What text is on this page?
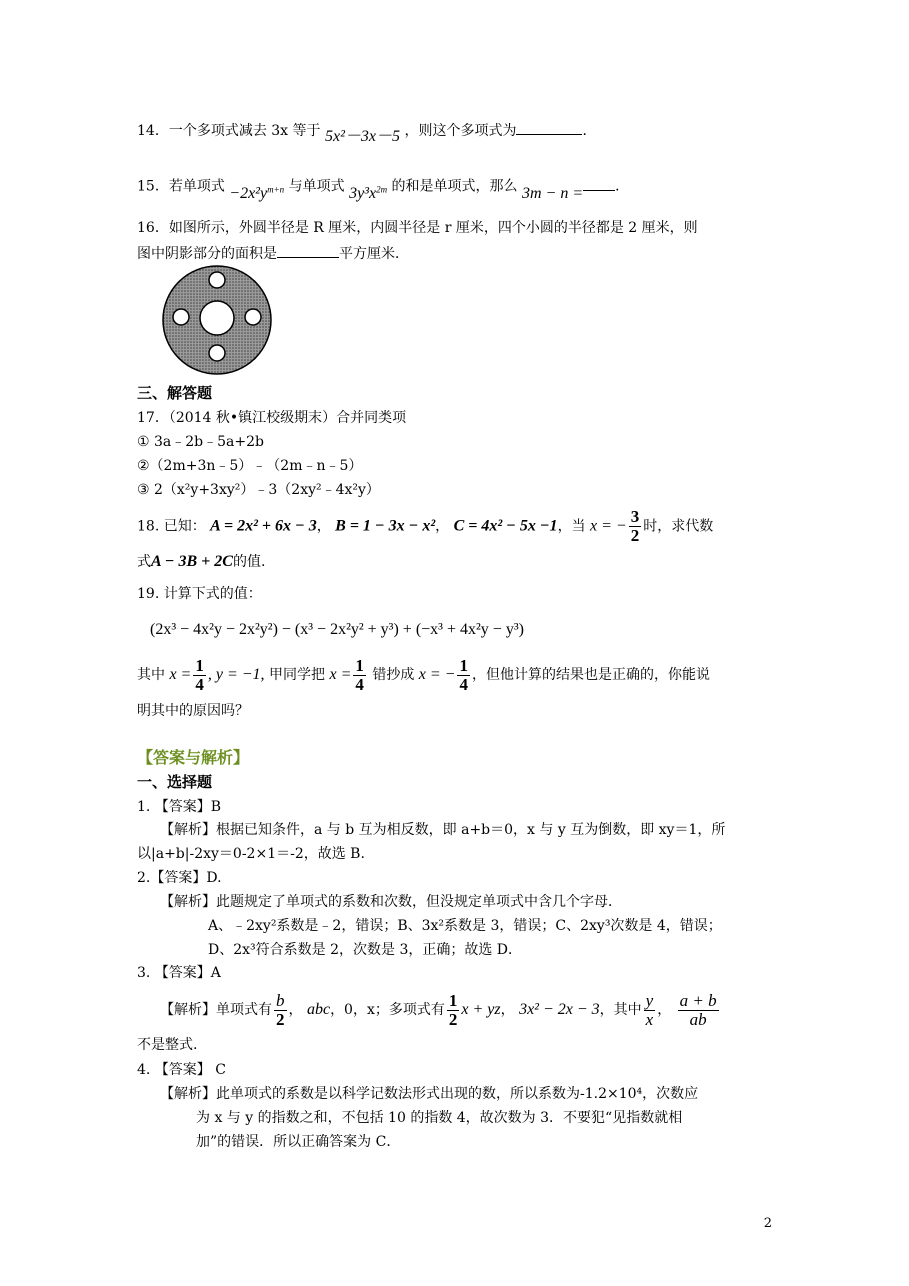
14．一个多项式减去 3x 等于 5x²－3x－5 ，则这个多项式为	．
15．若单项式 $-2x^2y^{m+n}$ 与单项式 $3y^3x^{2m}$ 的和是单项式，那么 3m − n = ．
16．如图所示，外圆半径是 R 厘米，内圆半径是 r 厘米，四个小圆的半径都是 2 厘米，则
图中阴影部分的面积是	平方厘米．
三、解答题
17．（2014 秋•镇江校级期末）合并同类项
① 3a﹣2b﹣5a+2b
②（2m+3n﹣5）﹣（2m﹣n﹣5）
③ 2（x²y+3xy²）﹣3（2xy²﹣4x²y）
18. 已知： A = 2x² + 6x − 3， B = 1 − 3x − x²， C = 4x² − 5x −1，当 x = − $\frac{3}{2}$ 时，求代数
式A − 3B + 2C的值.
19. 计算下式的值：
(2x³ − 4x²y − 2x²y²) − (x³ − 2x²y² + y³) + (−x³ + 4x²y − y³)
其中 $x = \frac{1}{4}$ , y = −1, 甲同学把 $x = \frac{1}{4}$ 错抄成 x = − $\frac{1}{4}$ ，但他计算的结果也是正确的，你能说
明其中的原因吗？
【答案与解析】
一、选择题
1. 【答案】B
【解析】根据已知条件，a 与 b 互为相反数，即 a+b＝0，x 与 y 互为倒数，即 xy＝1，所
以|a+b|-2xy＝0-2×1＝-2，故选 B.
2.【答案】D.
【解析】此题规定了单项式的系数和次数，但没规定单项式中含几个字母．
A、﹣2xy²系数是﹣2，错误；B、3x²系数是 3，错误；C、2xy³次数是 4，错误；
D、2x³符合系数是 2，次数是 3，正确；故选 D．
3. 【答案】A
【解析】单项式有 $\frac{b}{2}$ ， abc，0，x；多项式有 $\frac{1}{2}$ x + yz， 3x² − 2x − 3，其中 $\frac{y}{x}$ ， $\frac{a + b}{ab}$
不是整式.
4. 【答案】 C
【解析】此单项式的系数是以科学记数法形式出现的数，所以系数为-1.2×10⁴，次数应
为 x 与 y 的指数之和，不包括 10 的指数 4，故次数为 3．不要犯“见指数就相
加”的错误．所以正确答案为 C．
2
